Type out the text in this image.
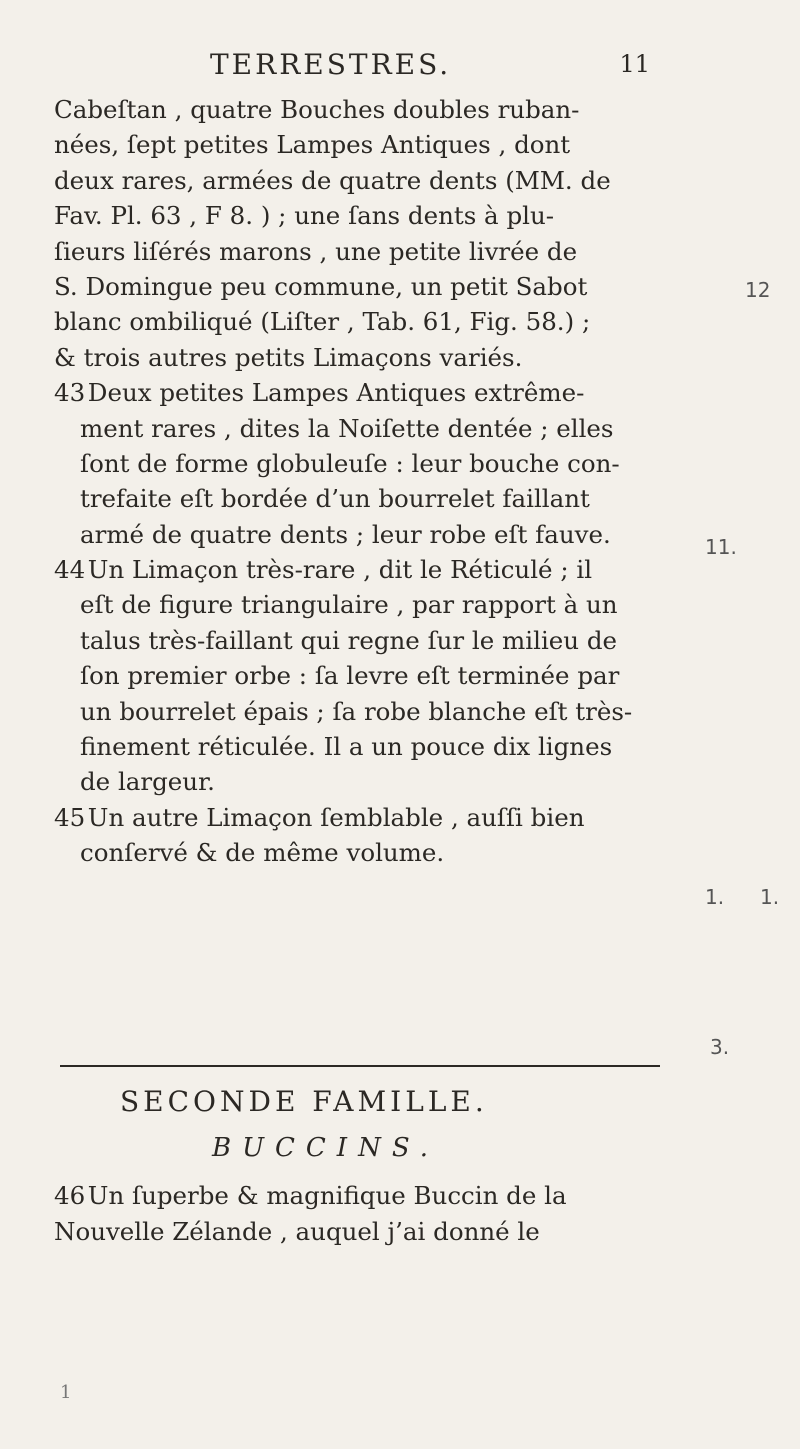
TERRESTRES.	11
Cabeſtan , quatre Bouches doubles ruban-
nées, ſept petites Lampes Antiques , dont
deux rares, armées de quatre dents (MM. de
Fav. Pl. 63 , F 8. ) ; une ſans dents à plu-
ſieurs liſérés marons , une petite livrée de
S. Domingue peu commune, un petit Sabot
blanc ombiliqué (Liſter , Tab. 61, Fig. 58.) ;
& trois autres petits Limaçons variés.
43 Deux petites Lampes Antiques extrême-
ment rares , dites la Noiſette dentée ; elles
ſont de forme globuleuſe : leur bouche con-
trefaite eſt bordée d’un bourrelet faillant
armé de quatre dents ; leur robe eſt fauve.
44 Un Limaçon très-rare , dit le Réticulé ; il
eſt de figure triangulaire , par rapport à un
talus très-faillant qui regne ſur le milieu de
ſon premier orbe : ſa levre eſt terminée par
un bourrelet épais ; ſa robe blanche eſt très-
finement réticulée. Il a un pouce dix lignes
de largeur.
45 Un autre Limaçon ſemblable , auſſi bien
conſervé & de même volume.
SECONDE FAMILLE.
BUCCINS.
46 Un ſuperbe & magnifique Buccin de la
Nouvelle Zélande , auquel j’ai donné le
12
11.
1. 1.
3.
1
